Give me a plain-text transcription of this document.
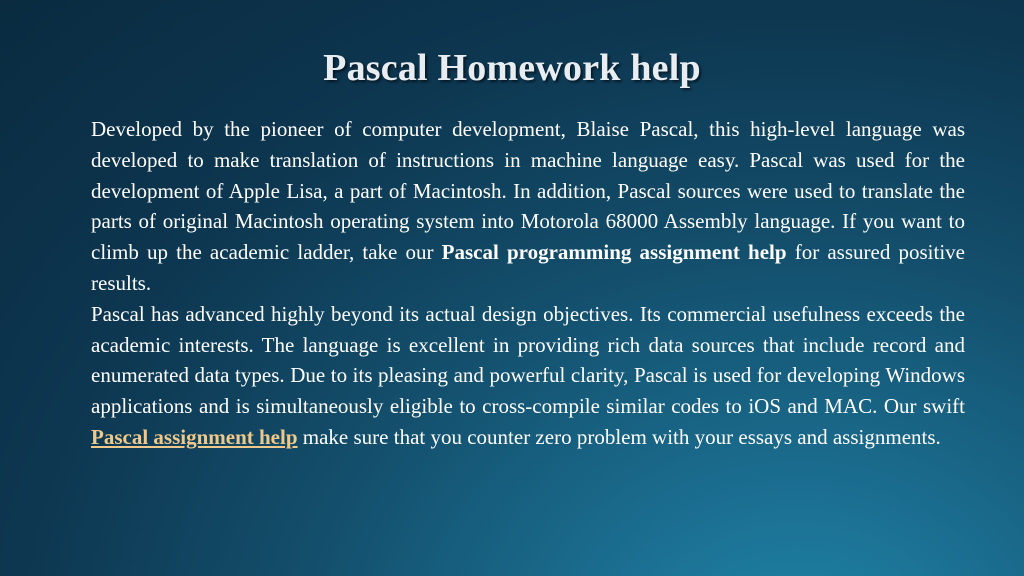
Pascal Homework help

Developed by the pioneer of computer development, Blaise Pascal, this high-level language was developed to make translation of instructions in machine language easy. Pascal was used for the development of Apple Lisa, a part of Macintosh. In addition, Pascal sources were used to translate the parts of original Macintosh operating system into Motorola 68000 Assembly language. If you want to climb up the academic ladder, take our Pascal programming assignment help for assured positive results.

Pascal has advanced highly beyond its actual design objectives. Its commercial usefulness exceeds the academic interests. The language is excellent in providing rich data sources that include record and enumerated data types. Due to its pleasing and powerful clarity, Pascal is used for developing Windows applications and is simultaneously eligible to cross-compile similar codes to iOS and MAC. Our swift Pascal assignment help make sure that you counter zero problem with your essays and assignments.
